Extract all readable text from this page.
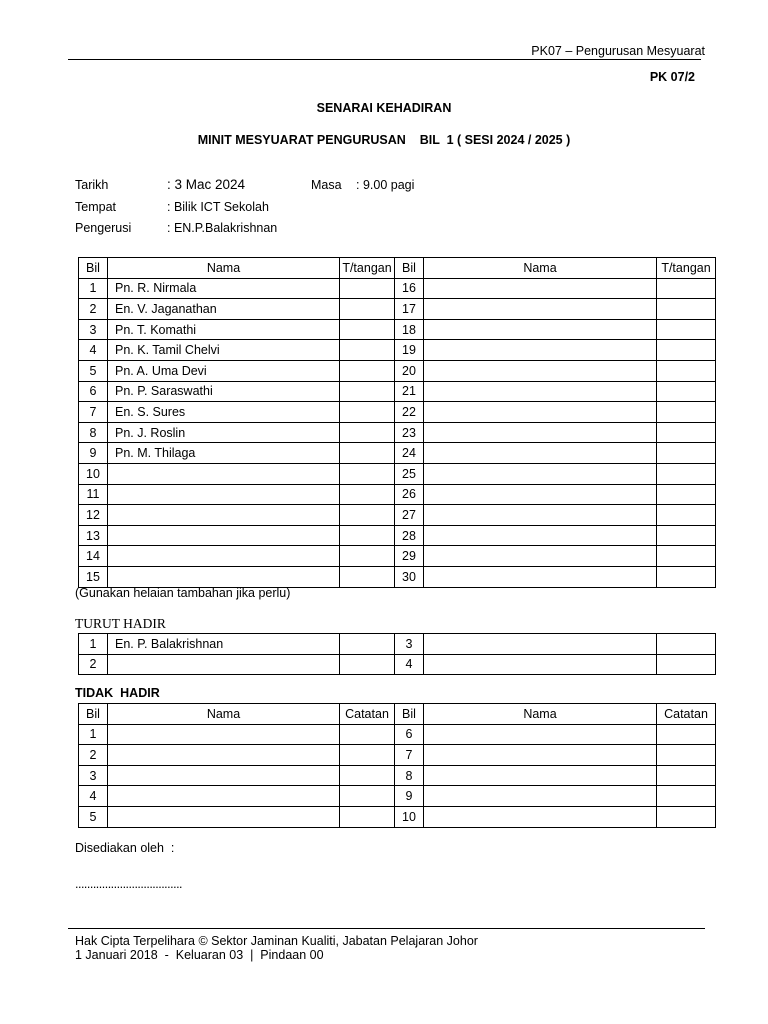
PK07 – Pengurusan Mesyuarat
PK 07/2
SENARAI KEHADIRAN
MINIT MESYUARAT PENGURUSAN    BIL  1 ( SESI 2024 / 2025 )
Tarikh	: 3 Mac 2024	Masa : 9.00 pagi
Tempat	: Bilik ICT Sekolah
Pengerusi	: EN.P.Balakrishnan
Bil	Nama	T/tangan	Bil	Nama	T/tangan
1	Pn. R. Nirmala		16		
2	En. V. Jaganathan		17		
3	Pn. T. Komathi		18		
4	Pn. K. Tamil Chelvi		19		
5	Pn. A. Uma Devi		20		
6	Pn. P. Saraswathi		21		
7	En. S. Sures		22		
8	Pn. J. Roslin		23		
9	Pn. M. Thilaga		24		
10			25		
11			26		
12			27		
13			28		
14			29		
15			30		
(Gunakan helaian tambahan jika perlu)
TURUT HADIR
1	En. P. Balakrishnan		3		
2			4		
TIDAK  HADIR
Bil	Nama	Catatan	Bil	Nama	Catatan
1			6		
2			7		
3			8		
4			9		
5			10		
Disediakan oleh  :
....................................
Hak Cipta Terpelihara © Sektor Jaminan Kualiti, Jabatan Pelajaran Johor
1 Januari 2018  -  Keluaran 03  |  Pindaan 00
